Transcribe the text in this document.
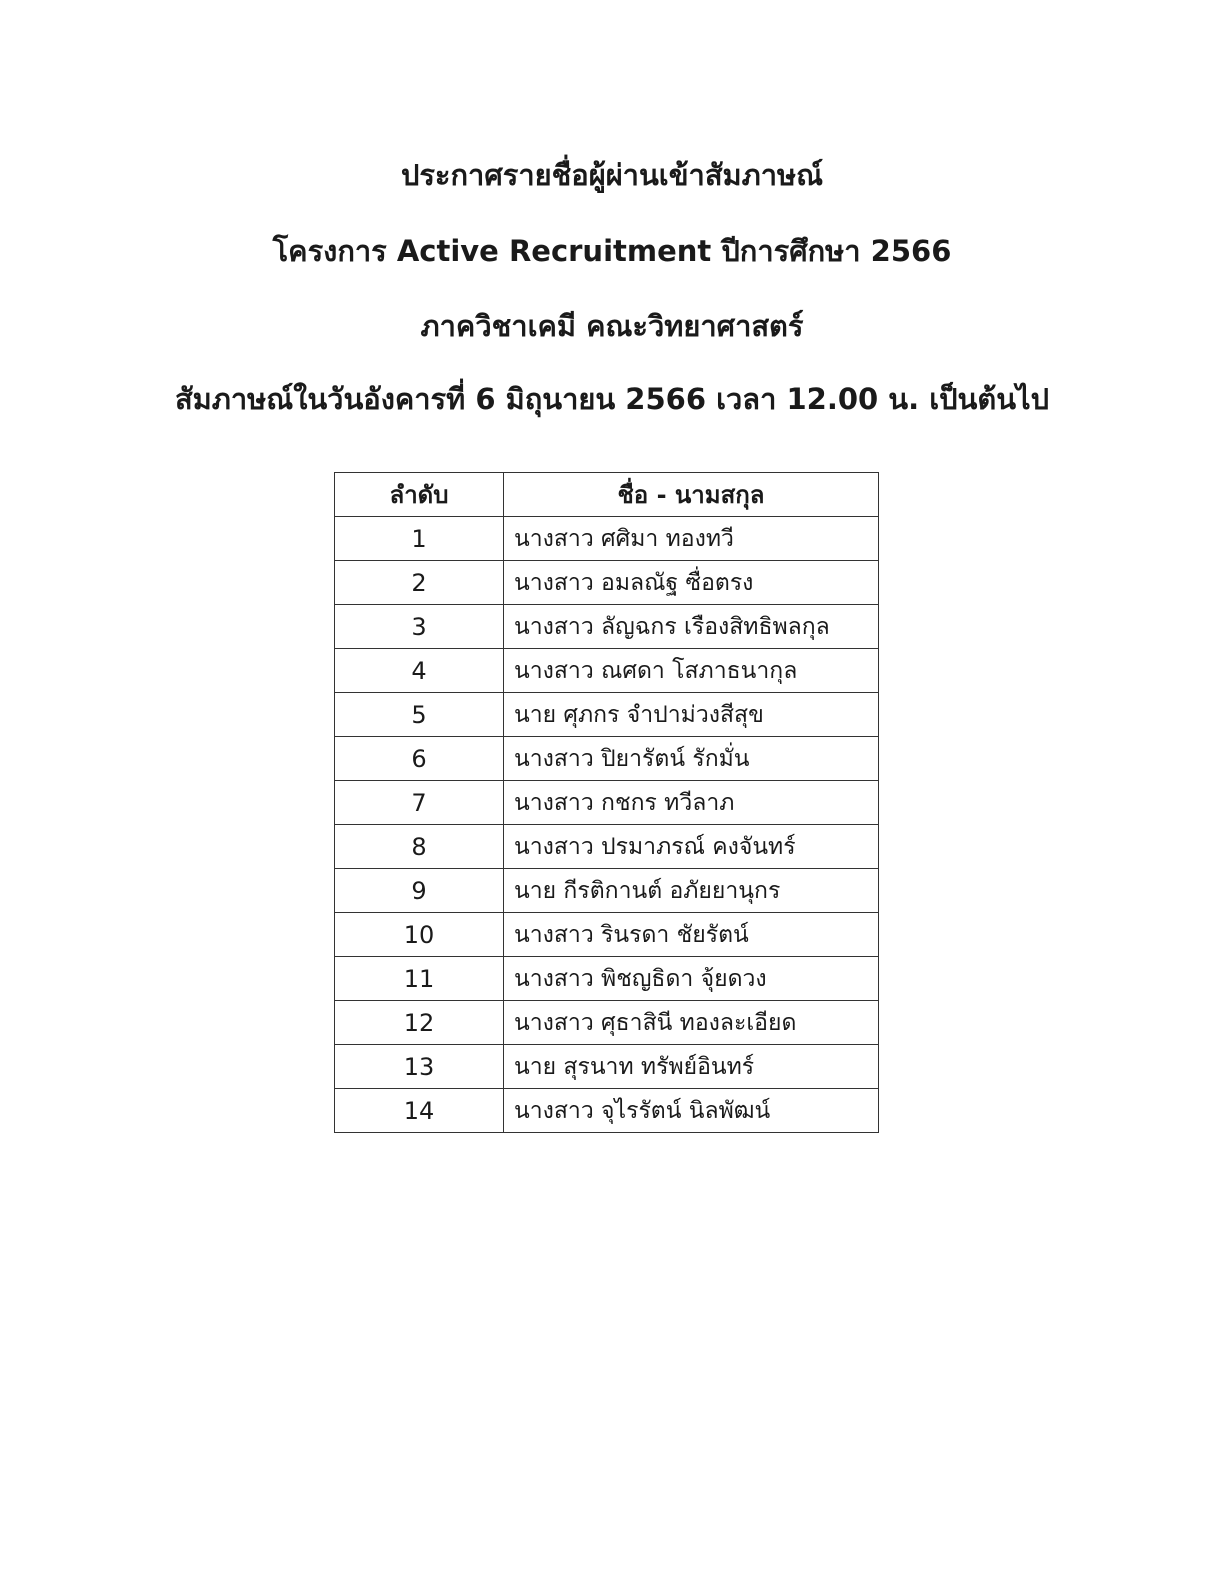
ประกาศรายชื่อผู้ผ่านเข้าสัมภาษณ์
โครงการ Active Recruitment ปีการศึกษา 2566
ภาควิชาเคมี คณะวิทยาศาสตร์
สัมภาษณ์ในวันอังคารที่ 6 มิถุนายน 2566 เวลา 12.00 น. เป็นต้นไป
ลำดับ	ชื่อ - นามสกุล
1	นางสาว ศศิมา ทองทวี
2	นางสาว อมลณัฐ ซื่อตรง
3	นางสาว ลัญฉกร เรืองสิทธิพลกุล
4	นางสาว ณศดา โสภาธนากุล
5	นาย ศุภกร จำปาม่วงสีสุข
6	นางสาว ปิยารัตน์ รักมั่น
7	นางสาว กชกร ทวีลาภ
8	นางสาว ปรมาภรณ์ คงจันทร์
9	นาย กีรติกานต์ อภัยยานุกร
10	นางสาว รินรดา ชัยรัตน์
11	นางสาว พิชญธิดา จุ้ยดวง
12	นางสาว ศุธาสินี ทองละเอียด
13	นาย สุรนาท ทรัพย์อินทร์
14	นางสาว จุไรรัตน์ นิลพัฒน์
